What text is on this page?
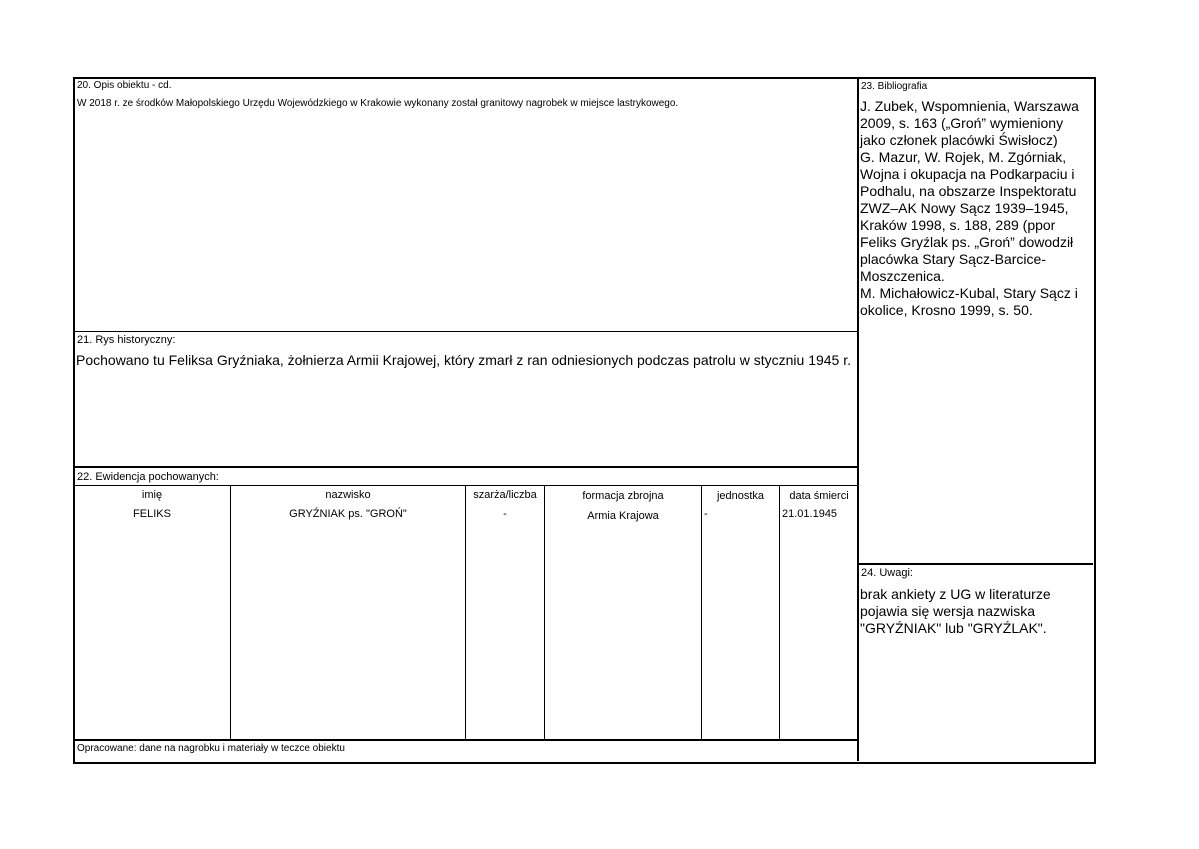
20. Opis obiektu - cd.
W 2018 r. ze środków Małopolskiego Urzędu Wojewódzkiego w Krakowie wykonany został granitowy nagrobek w miejsce lastrykowego.
21. Rys historyczny:
Pochowano tu Feliksa Gryźniaka, żołnierza Armii Krajowej, który zmarł z ran odniesionych podczas patrolu w styczniu 1945 r.
22. Ewidencja pochowanych:
imię	nazwisko	szarża/liczba	formacja zbrojna	jednostka	data śmierci
FELIKS	GRYŹNIAK ps. "GROŃ"	-	Armia Krajowa	-	21.01.1945
Opracowane: dane na nagrobku i materiały w teczce obiektu
23. Bibliografia

J. Zubek, Wspomnienia, Warszawa 2009, s. 163 („Groń” wymieniony jako członek placówki Świsłocz)

G. Mazur, W. Rojek, M. Zgórniak, Wojna i okupacja na Podkarpaciu i Podhalu, na obszarze Inspektoratu ZWZ–AK Nowy Sącz 1939–1945, Kraków 1998, s. 188, 289 (ppor Feliks Gryźlak ps. „Groń” dowodził placówka Stary Sącz-Barcice-Moszczenica.

M. Michałowicz-Kubal, Stary Sącz i okolice, Krosno 1999, s. 50.

24. Uwagi:
brak ankiety z UG w literaturze pojawia się wersja nazwiska "GRYŹNIAK" lub "GRYŹLAK".
